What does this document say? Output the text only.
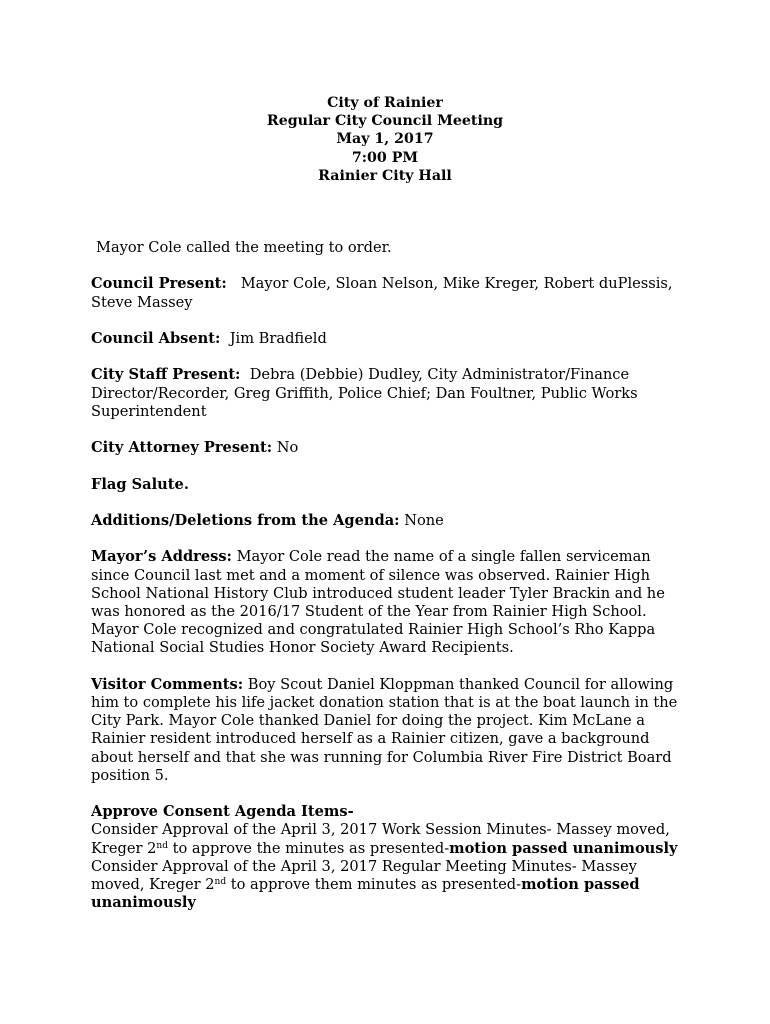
City of Rainier
Regular City Council Meeting
May 1, 2017
7:00 PM
Rainier City Hall

Mayor Cole called the meeting to order.

Council Present: Mayor Cole, Sloan Nelson, Mike Kreger, Robert duPlessis, Steve Massey

Council Absent: Jim Bradfield

City Staff Present: Debra (Debbie) Dudley, City Administrator/Finance Director/Recorder, Greg Griffith, Police Chief; Dan Foultner, Public Works Superintendent

City Attorney Present: No

Flag Salute.

Additions/Deletions from the Agenda: None

Mayor’s Address: Mayor Cole read the name of a single fallen serviceman since Council last met and a moment of silence was observed. Rainier High School National History Club introduced student leader Tyler Brackin and he was honored as the 2016/17 Student of the Year from Rainier High School. Mayor Cole recognized and congratulated Rainier High School’s Rho Kappa National Social Studies Honor Society Award Recipients.

Visitor Comments: Boy Scout Daniel Kloppman thanked Council for allowing him to complete his life jacket donation station that is at the boat launch in the City Park. Mayor Cole thanked Daniel for doing the project. Kim McLane a Rainier resident introduced herself as a Rainier citizen, gave a background about herself and that she was running for Columbia River Fire District Board position 5.

Approve Consent Agenda Items-
Consider Approval of the April 3, 2017 Work Session Minutes- Massey moved, Kreger 2nd to approve the minutes as presented-motion passed unanimously
Consider Approval of the April 3, 2017 Regular Meeting Minutes- Massey moved, Kreger 2nd to approve them minutes as presented-motion passed unanimously
